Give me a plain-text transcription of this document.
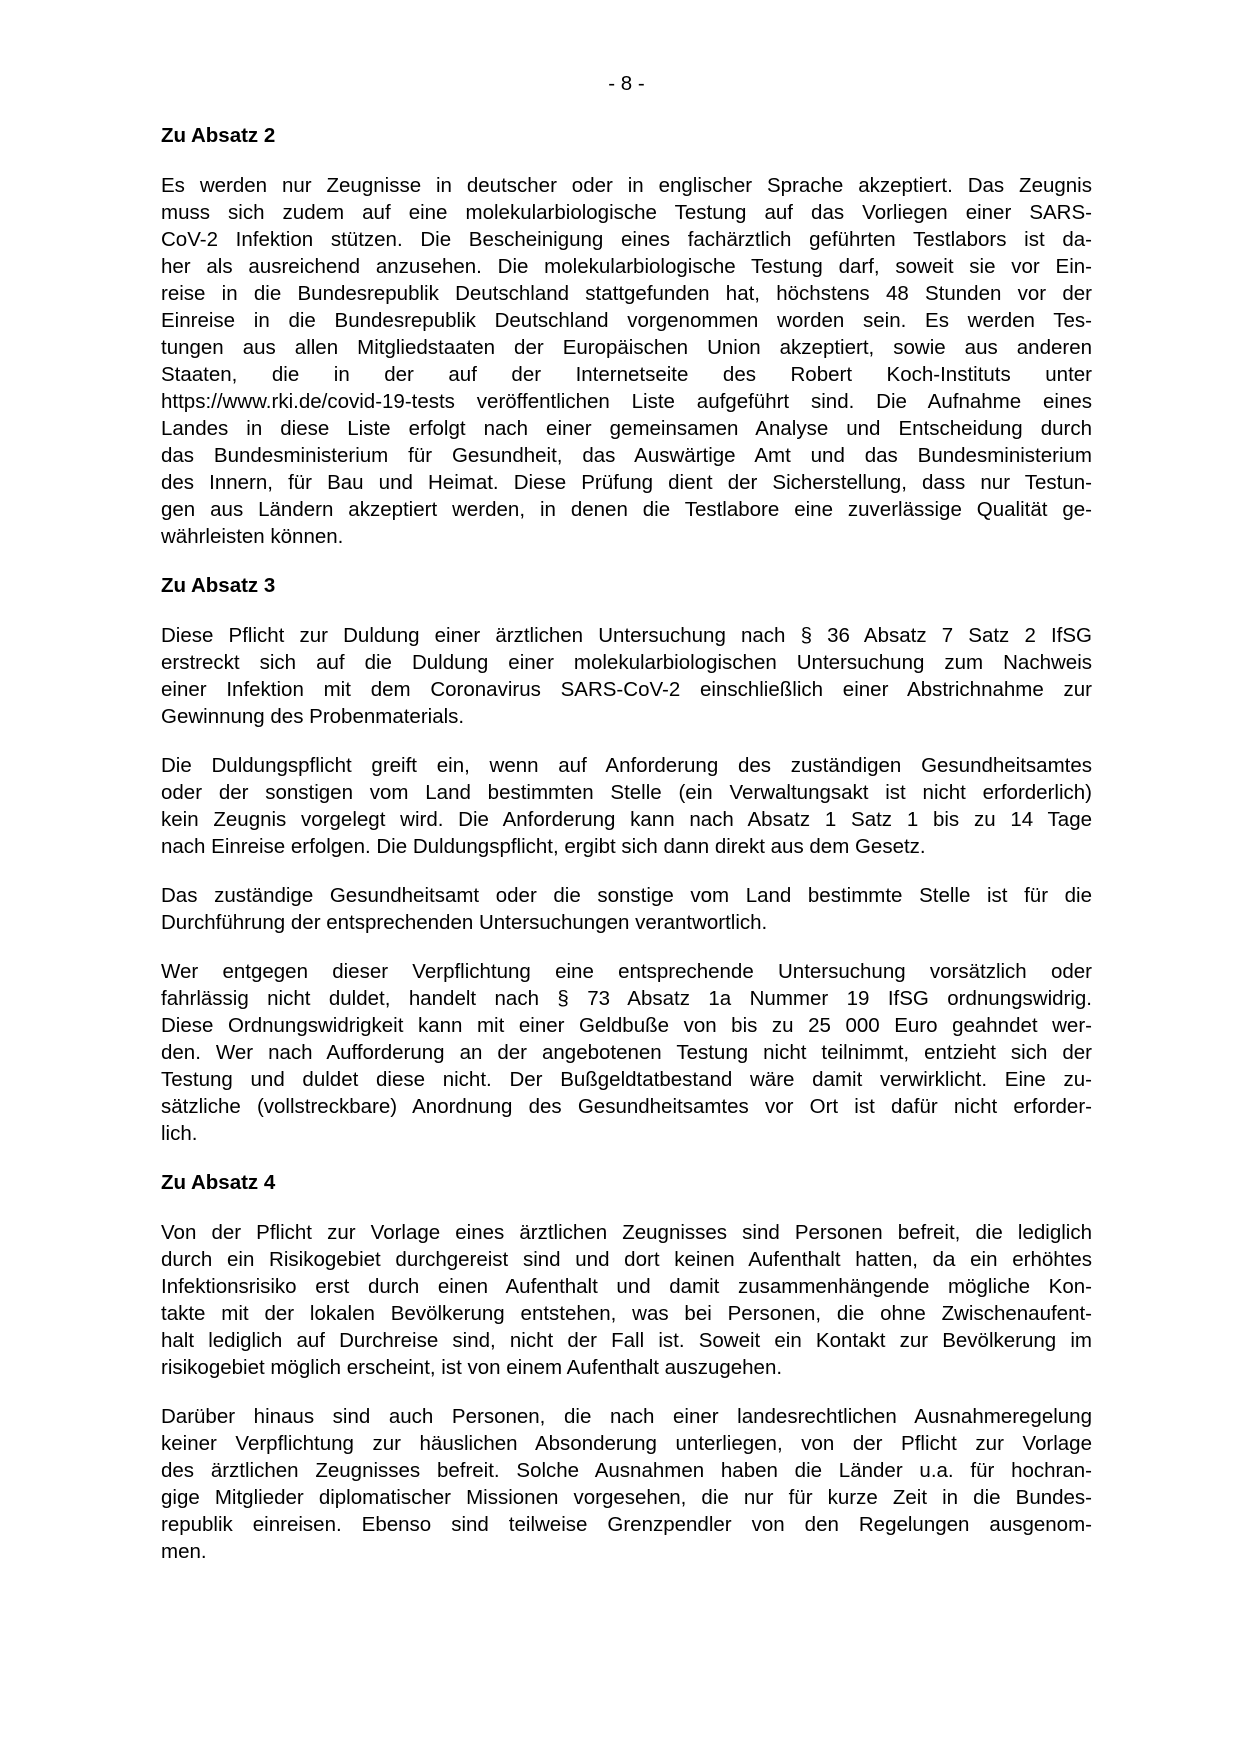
- 8 -
Zu Absatz 2

Es werden nur Zeugnisse in deutscher oder in englischer Sprache akzeptiert. Das Zeugnis
muss sich zudem auf eine molekularbiologische Testung auf das Vorliegen einer SARS-
CoV-2 Infektion stützen. Die Bescheinigung eines fachärztlich geführten Testlabors ist da-
her als ausreichend anzusehen. Die molekularbiologische Testung darf, soweit sie vor Ein-
reise in die Bundesrepublik Deutschland stattgefunden hat, höchstens 48 Stunden vor der
Einreise in die Bundesrepublik Deutschland vorgenommen worden sein. Es werden Tes-
tungen aus allen Mitgliedstaaten der Europäischen Union akzeptiert, sowie aus anderen
Staaten, die in der auf der Internetseite des Robert Koch-Instituts unter
https://www.rki.de/covid-19-tests veröffentlichen Liste aufgeführt sind. Die Aufnahme eines
Landes in diese Liste erfolgt nach einer gemeinsamen Analyse und Entscheidung durch
das Bundesministerium für Gesundheit, das Auswärtige Amt und das Bundesministerium
des Innern, für Bau und Heimat. Diese Prüfung dient der Sicherstellung, dass nur Testun-
gen aus Ländern akzeptiert werden, in denen die Testlabore eine zuverlässige Qualität ge-
währleisten können.

Zu Absatz 3

Diese Pflicht zur Duldung einer ärztlichen Untersuchung nach § 36 Absatz 7 Satz 2 IfSG
erstreckt sich auf die Duldung einer molekularbiologischen Untersuchung zum Nachweis
einer Infektion mit dem Coronavirus SARS-CoV-2 einschließlich einer Abstrichnahme zur
Gewinnung des Probenmaterials.

Die Duldungspflicht greift ein, wenn auf Anforderung des zuständigen Gesundheitsamtes
oder der sonstigen vom Land bestimmten Stelle (ein Verwaltungsakt ist nicht erforderlich)
kein Zeugnis vorgelegt wird. Die Anforderung kann nach Absatz 1 Satz 1 bis zu 14 Tage
nach Einreise erfolgen. Die Duldungspflicht, ergibt sich dann direkt aus dem Gesetz.

Das zuständige Gesundheitsamt oder die sonstige vom Land bestimmte Stelle ist für die
Durchführung der entsprechenden Untersuchungen verantwortlich.

Wer entgegen dieser Verpflichtung eine entsprechende Untersuchung vorsätzlich oder
fahrlässig nicht duldet, handelt nach § 73 Absatz 1a Nummer 19 IfSG ordnungswidrig.
Diese Ordnungswidrigkeit kann mit einer Geldbuße von bis zu 25 000 Euro geahndet wer-
den. Wer nach Aufforderung an der angebotenen Testung nicht teilnimmt, entzieht sich der
Testung und duldet diese nicht. Der Bußgeldtatbestand wäre damit verwirklicht. Eine zu-
sätzliche (vollstreckbare) Anordnung des Gesundheitsamtes vor Ort ist dafür nicht erforder-
lich.

Zu Absatz 4

Von der Pflicht zur Vorlage eines ärztlichen Zeugnisses sind Personen befreit, die lediglich
durch ein Risikogebiet durchgereist sind und dort keinen Aufenthalt hatten, da ein erhöhtes
Infektionsrisiko erst durch einen Aufenthalt und damit zusammenhängende mögliche Kon-
takte mit der lokalen Bevölkerung entstehen, was bei Personen, die ohne Zwischenaufent-
halt lediglich auf Durchreise sind, nicht der Fall ist. Soweit ein Kontakt zur Bevölkerung im
risikogebiet möglich erscheint, ist von einem Aufenthalt auszugehen.

Darüber hinaus sind auch Personen, die nach einer landesrechtlichen Ausnahmeregelung
keiner Verpflichtung zur häuslichen Absonderung unterliegen, von der Pflicht zur Vorlage
des ärztlichen Zeugnisses befreit. Solche Ausnahmen haben die Länder u.a. für hochran-
gige Mitglieder diplomatischer Missionen vorgesehen, die nur für kurze Zeit in die Bundes-
republik einreisen. Ebenso sind teilweise Grenzpendler von den Regelungen ausgenom-
men.
